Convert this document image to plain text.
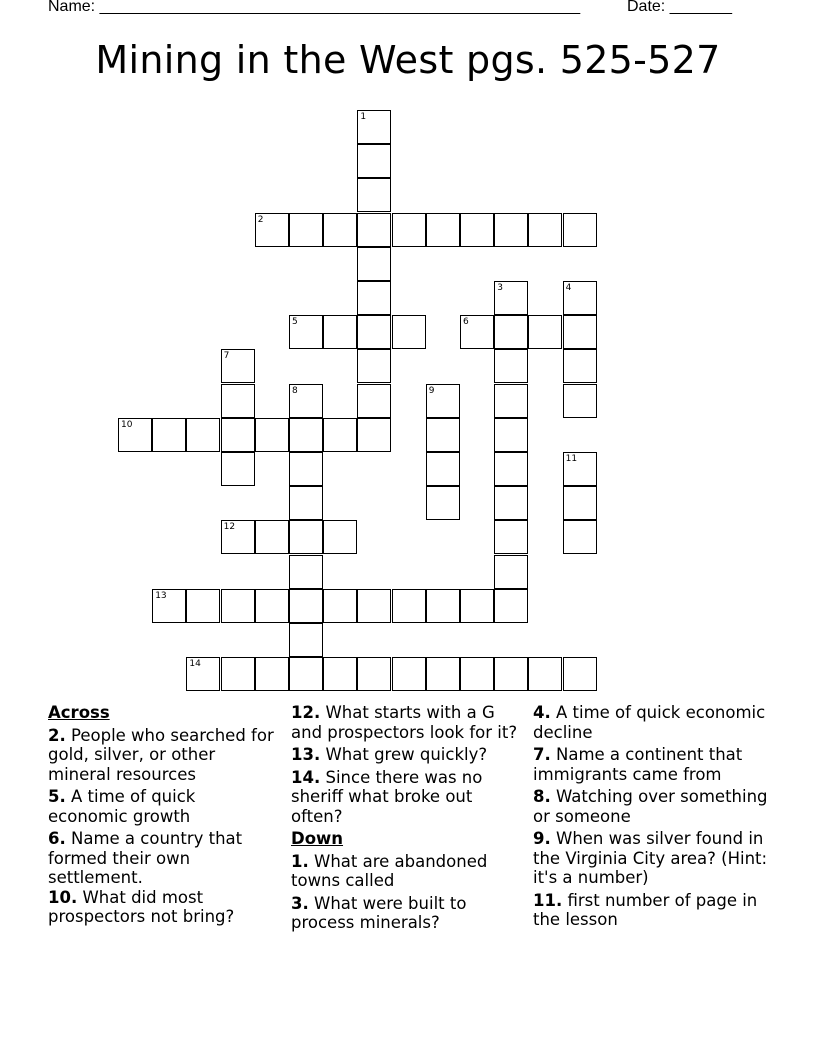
Name: ______________________________________________________	Date: _______
Mining in the West pgs. 525-527
1
2
3	4
5	6
7
8	9
10
11
12
13
14
Across
2. People who searched for gold, silver, or other mineral resources
5. A time of quick economic growth
6. Name a country that formed their own settlement.
10. What did most prospectors not bring?
12. What starts with a G and prospectors look for it?
13. What grew quickly?
14. Since there was no sheriff what broke out often?
Down
1. What are abandoned towns called
3. What were built to process minerals?
4. A time of quick economic decline
7. Name a continent that immigrants came from
8. Watching over something or someone
9. When was silver found in the Virginia City area? (Hint: it's a number)
11. first number of page in the lesson
